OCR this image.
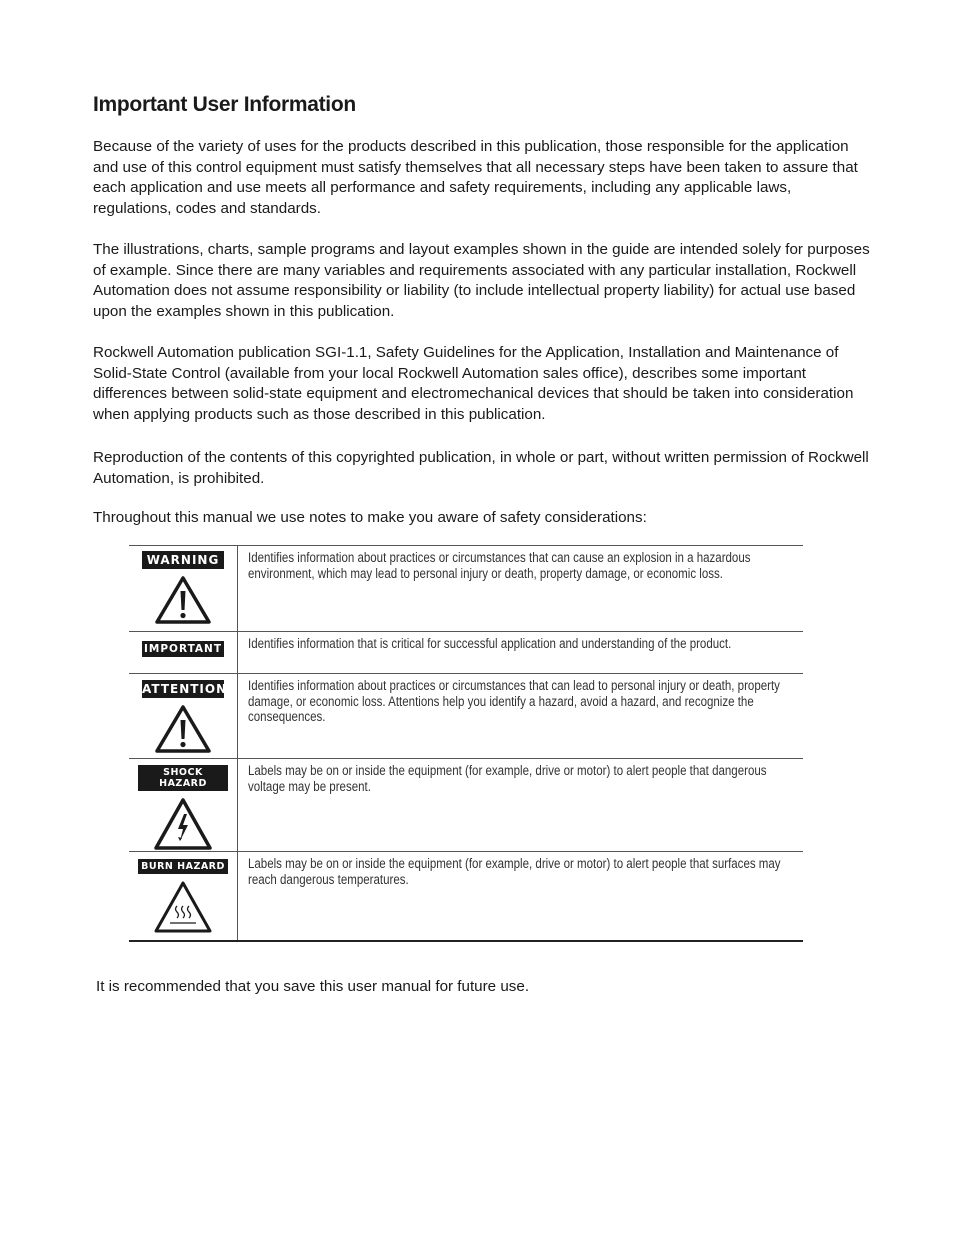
Important User Information

Because of the variety of uses for the products described in this publication, those responsible for the application and use of this control equipment must satisfy themselves that all necessary steps have been taken to assure that each application and use meets all performance and safety requirements, including any applicable laws, regulations, codes and standards.

The illustrations, charts, sample programs and layout examples shown in the guide are intended solely for purposes of example. Since there are many variables and requirements associated with any particular installation, Rockwell Automation does not assume responsibility or liability (to include intellectual property liability) for actual use based upon the examples shown in this publication.

Rockwell Automation publication SGI-1.1, Safety Guidelines for the Application, Installation and Maintenance of Solid-State Control (available from your local Rockwell Automation sales office), describes some important differences between solid-state equipment and electromechanical devices that should be taken into consideration when applying products such as those described in this publication.

Reproduction of the contents of this copyrighted publication, in whole or part, without written permission of Rockwell Automation, is prohibited.

Throughout this manual we use notes to make you aware of safety considerations:

WARNING	Identifies information about practices or circumstances that can cause an explosion in a hazardous environment, which may lead to personal injury or death, property damage, or economic loss.
IMPORTANT	Identifies information that is critical for successful application and understanding of the product.
ATTENTION	Identifies information about practices or circumstances that can lead to personal injury or death, property damage, or economic loss. Attentions help you identify a hazard, avoid a hazard, and recognize the consequences.
SHOCK HAZARD	Labels may be on or inside the equipment (for example, drive or motor) to alert people that dangerous voltage may be present.
BURN HAZARD	Labels may be on or inside the equipment (for example, drive or motor) to alert people that surfaces may reach dangerous temperatures.

It is recommended that you save this user manual for future use.
